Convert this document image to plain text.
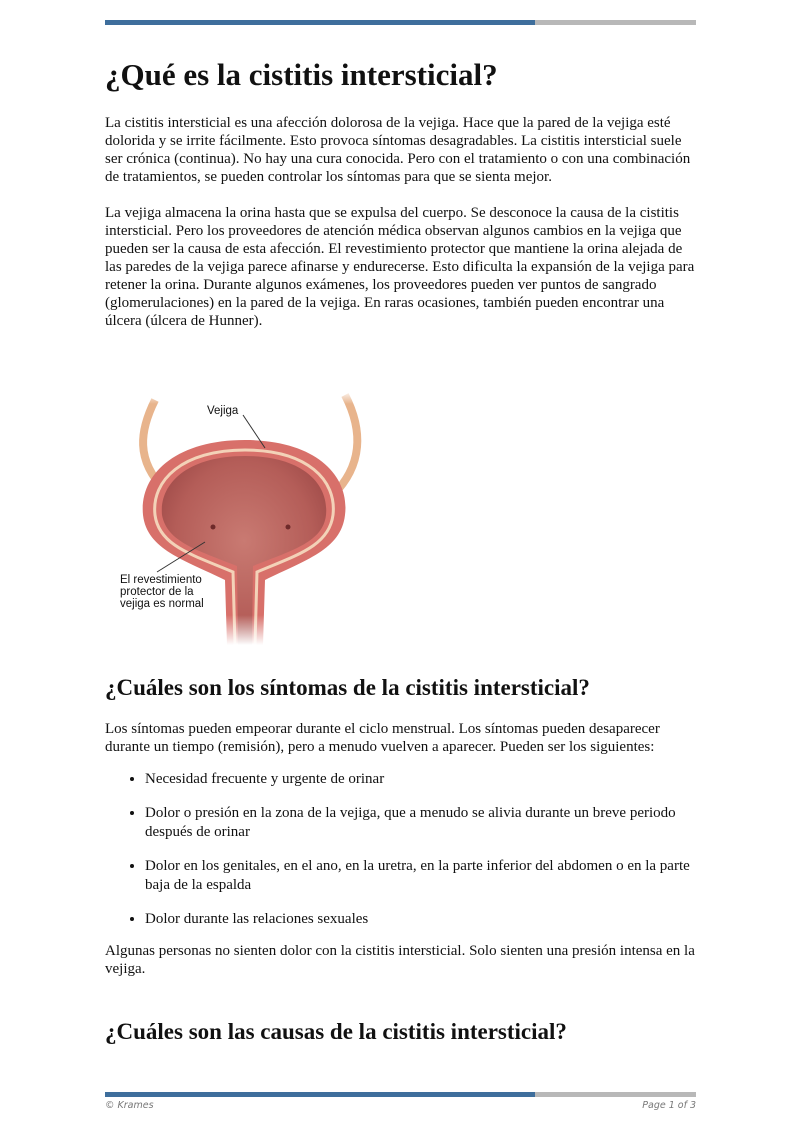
¿Qué es la cistitis intersticial?

La cistitis intersticial es una afección dolorosa de la vejiga. Hace que la pared de la vejiga esté dolorida y se irrite fácilmente. Esto provoca síntomas desagradables. La cistitis intersticial suele ser crónica (continua). No hay una cura conocida. Pero con el tratamiento o con una combinación de tratamientos, se pueden controlar los síntomas para que se sienta mejor.

La vejiga almacena la orina hasta que se expulsa del cuerpo. Se desconoce la causa de la cistitis intersticial. Pero los proveedores de atención médica observan algunos cambios en la vejiga que pueden ser la causa de esta afección. El revestimiento protector que mantiene la orina alejada de las paredes de la vejiga parece afinarse y endurecerse. Esto dificulta la expansión de la vejiga para retener la orina. Durante algunos exámenes, los proveedores pueden ver puntos de sangrado (glomerulaciones) en la pared de la vejiga. En raras ocasiones, también pueden encontrar una úlcera (úlcera de Hunner).

Vejiga
El revestimiento
protector de la
vejiga es normal
¿Cuáles son los síntomas de la cistitis intersticial?

Los síntomas pueden empeorar durante el ciclo menstrual. Los síntomas pueden desaparecer durante un tiempo (remisión), pero a menudo vuelven a aparecer. Pueden ser los siguientes:

• Necesidad frecuente y urgente de orinar
• Dolor o presión en la zona de la vejiga, que a menudo se alivia durante un breve periodo después de orinar
• Dolor en los genitales, en el ano, en la uretra, en la parte inferior del abdomen o en la parte baja de la espalda
• Dolor durante las relaciones sexuales

Algunas personas no sienten dolor con la cistitis intersticial. Solo sienten una presión intensa en la vejiga.

¿Cuáles son las causas de la cistitis intersticial?
© Krames	Page 1 of 3
